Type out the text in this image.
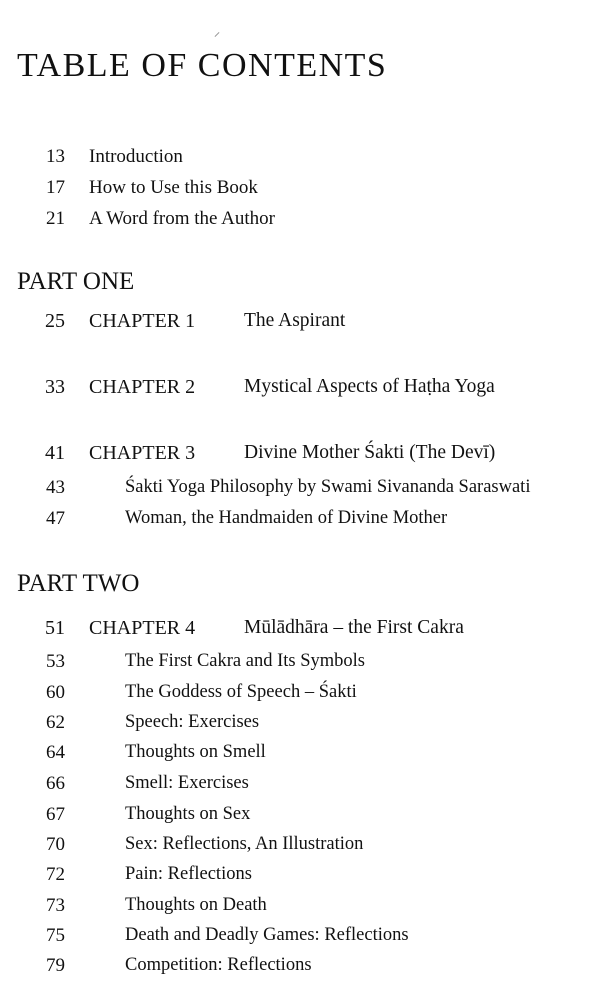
TABLE OF CONTENTS
13 Introduction
17 How to Use this Book
21 A Word from the Author
PART ONE
25 CHAPTER 1	The Aspirant
33 CHAPTER 2	Mystical Aspects of Haṭha Yoga
41 CHAPTER 3	Divine Mother Śakti (The Devī)
43	Śakti Yoga Philosophy by Swami Sivananda Saraswati
47	Woman, the Handmaiden of Divine Mother
PART TWO
51 CHAPTER 4	Mūlādhāra – the First Cakra
53	The First Cakra and Its Symbols
60	The Goddess of Speech – Śakti
62	Speech: Exercises
64	Thoughts on Smell
66	Smell: Exercises
67	Thoughts on Sex
70	Sex: Reflections, An Illustration
72	Pain: Reflections
73	Thoughts on Death
75	Death and Deadly Games: Reflections
79	Competition: Reflections
